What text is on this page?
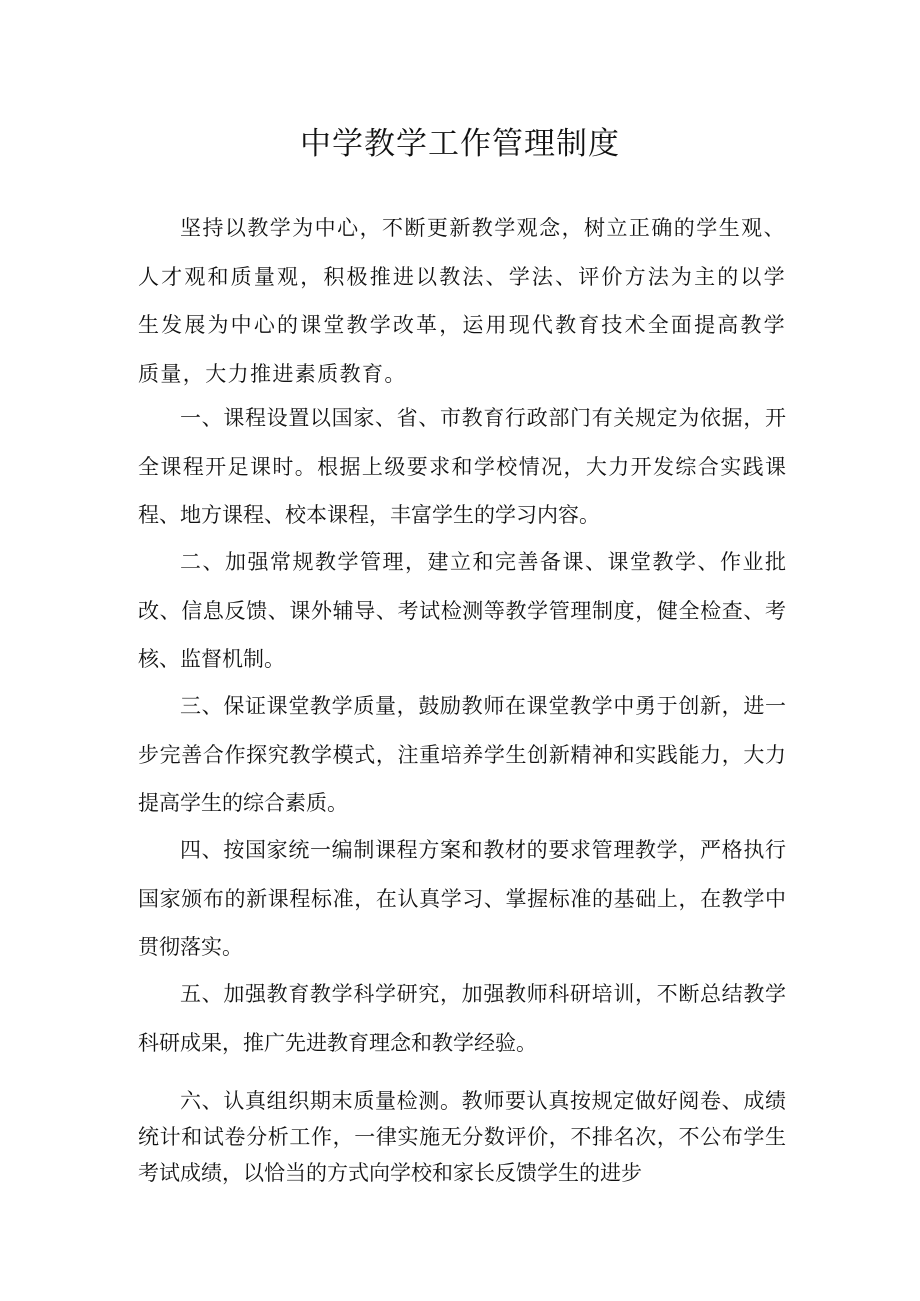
中学教学工作管理制度

坚持以教学为中心，不断更新教学观念，树立正确的学生观、人才观和质量观，积极推进以教法、学法、评价方法为主的以学生发展为中心的课堂教学改革，运用现代教育技术全面提高教学质量，大力推进素质教育。

一、课程设置以国家、省、市教育行政部门有关规定为依据，开全课程开足课时。根据上级要求和学校情况，大力开发综合实践课程、地方课程、校本课程，丰富学生的学习内容。

二、加强常规教学管理，建立和完善备课、课堂教学、作业批改、信息反馈、课外辅导、考试检测等教学管理制度，健全检查、考核、监督机制。

三、保证课堂教学质量，鼓励教师在课堂教学中勇于创新，进一步完善合作探究教学模式，注重培养学生创新精神和实践能力，大力提高学生的综合素质。

四、按国家统一编制课程方案和教材的要求管理教学，严格执行国家颁布的新课程标准，在认真学习、掌握标准的基础上，在教学中贯彻落实。

五、加强教育教学科学研究，加强教师科研培训，不断总结教学科研成果，推广先进教育理念和教学经验。

六、认真组织期末质量检测。教师要认真按规定做好阅卷、成绩统计和试卷分析工作，一律实施无分数评价，不排名次，不公布学生考试成绩，以恰当的方式向学校和家长反馈学生的进步
